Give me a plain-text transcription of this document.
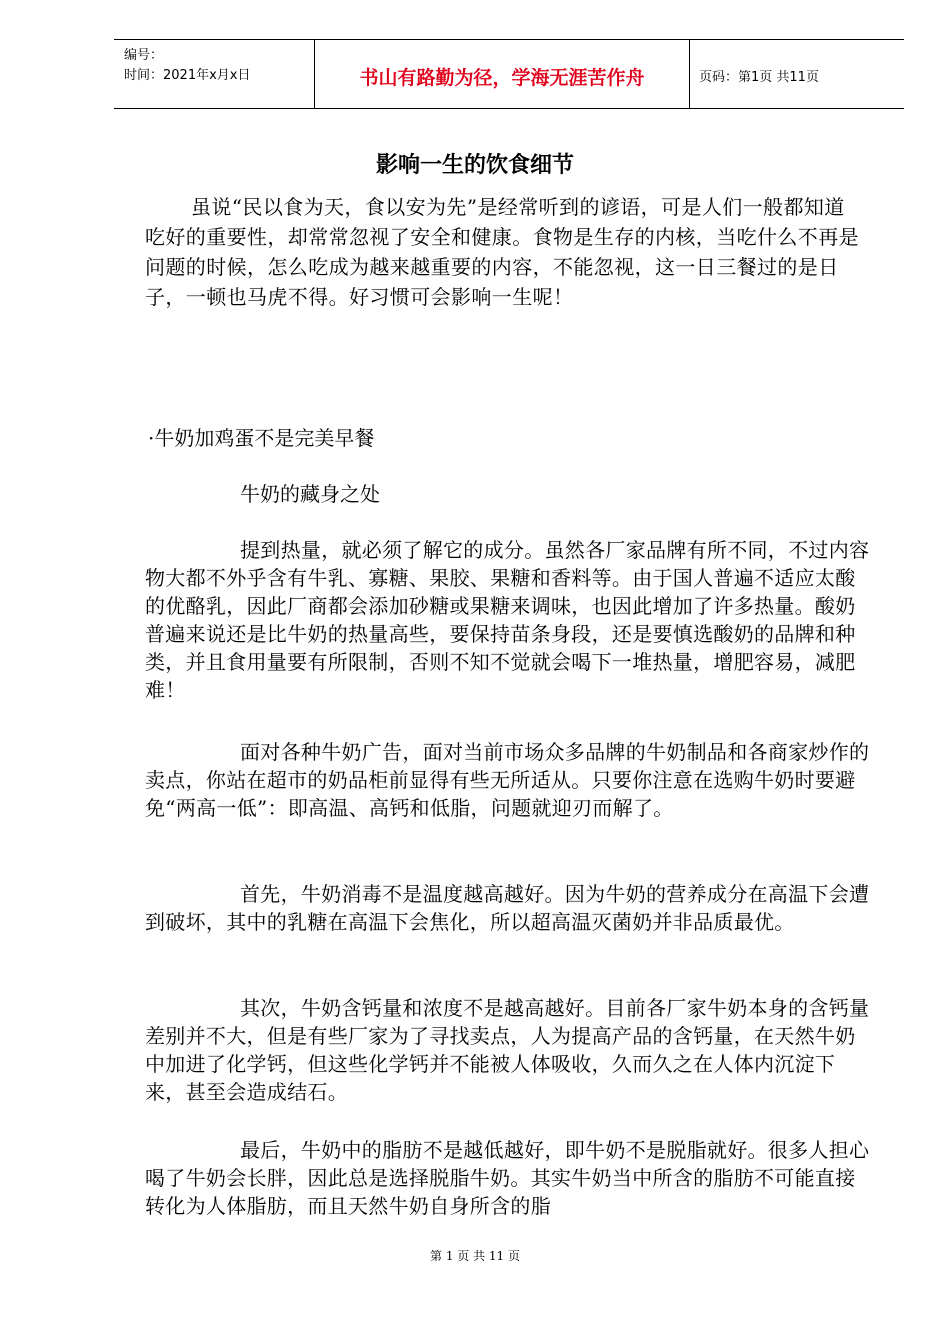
编号：
时间：2021年x月x日	书山有路勤为径，学海无涯苦作舟	页码：第1页 共11页
影响一生的饮食细节

虽说“民以食为天，食以安为先”是经常听到的谚语，可是人们一般都知道吃好的重要性，却常常忽视了安全和健康。食物是生存的内核，当吃什么不再是问题的时候，怎么吃成为越来越重要的内容，不能忽视，这一日三餐过的是日子，一顿也马虎不得。好习惯可会影响一生呢！

·牛奶加鸡蛋不是完美早餐
牛奶的藏身之处

提到热量，就必须了解它的成分。虽然各厂家品牌有所不同，不过内容物大都不外乎含有牛乳、寡糖、果胶、果糖和香料等。由于国人普遍不适应太酸的优酪乳，因此厂商都会添加砂糖或果糖来调味，也因此增加了许多热量。酸奶普遍来说还是比牛奶的热量高些，要保持苗条身段，还是要慎选酸奶的品牌和种类，并且食用量要有所限制，否则不知不觉就会喝下一堆热量，增肥容易，减肥难！

面对各种牛奶广告，面对当前市场众多品牌的牛奶制品和各商家炒作的卖点，你站在超市的奶品柜前显得有些无所适从。只要你注意在选购牛奶时要避免“两高一低”：即高温、高钙和低脂，问题就迎刃而解了。

首先，牛奶消毒不是温度越高越好。因为牛奶的营养成分在高温下会遭到破坏，其中的乳糖在高温下会焦化，所以超高温灭菌奶并非品质最优。

其次，牛奶含钙量和浓度不是越高越好。目前各厂家牛奶本身的含钙量差别并不大，但是有些厂家为了寻找卖点，人为提高产品的含钙量，在天然牛奶中加进了化学钙，但这些化学钙并不能被人体吸收，久而久之在人体内沉淀下来，甚至会造成结石。

最后，牛奶中的脂肪不是越低越好，即牛奶不是脱脂就好。很多人担心喝了牛奶会长胖，因此总是选择脱脂牛奶。其实牛奶当中所含的脂肪不可能直接转化为人体脂肪，而且天然牛奶自身所含的脂

第 1 页 共 11 页
